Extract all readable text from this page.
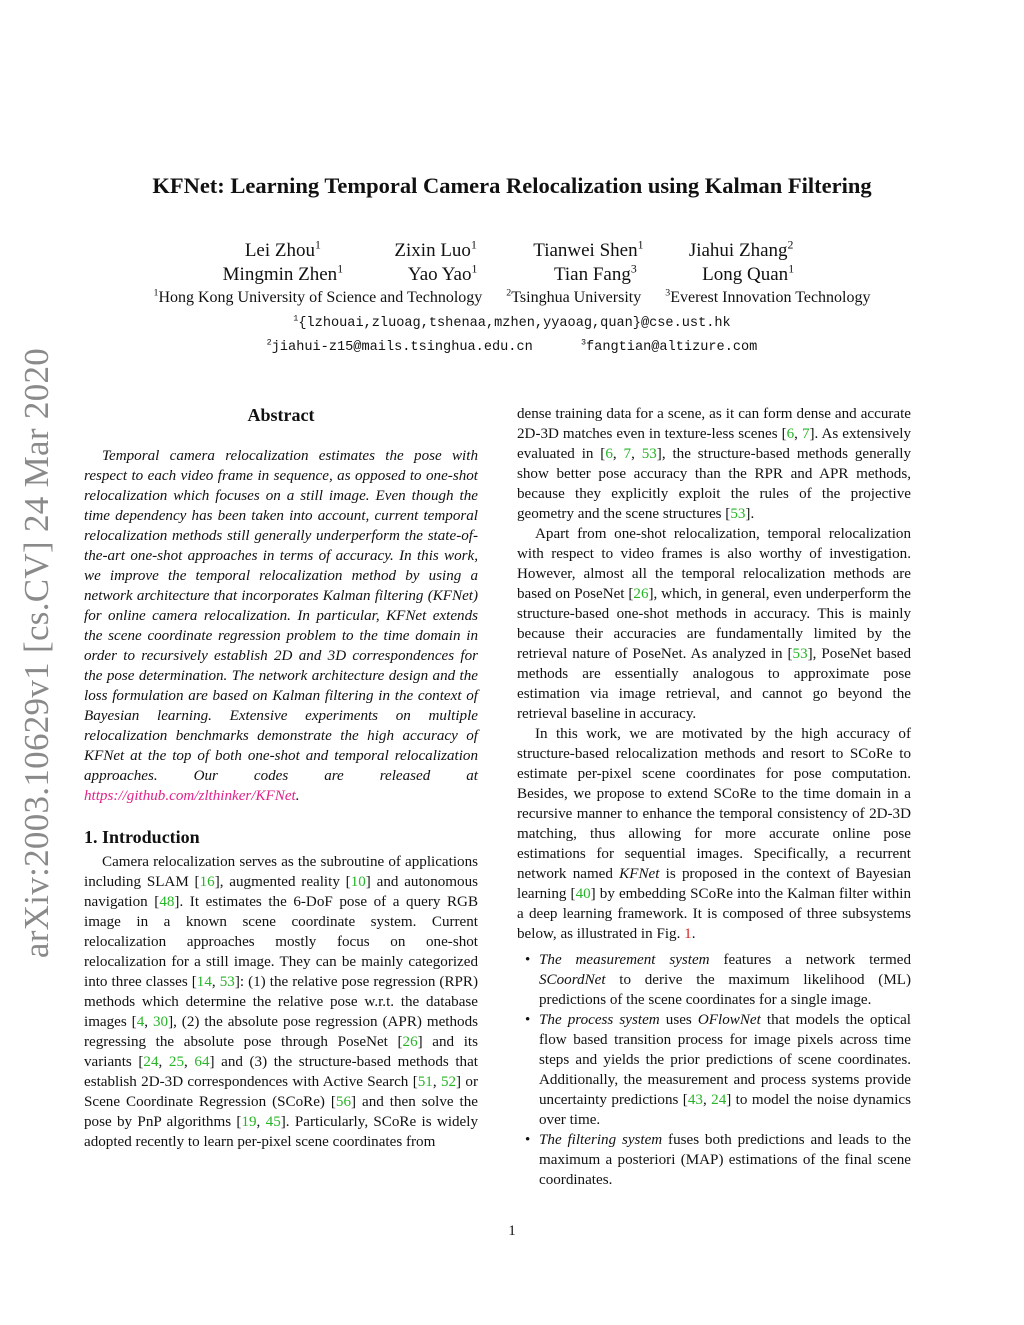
arXiv:2003.10629v1 [cs.CV] 24 Mar 2020
KFNet: Learning Temporal Camera Relocalization using Kalman Filtering
Lei Zhou$^1$	Zixin Luo$^1$	Tianwei Shen$^1$ Jiahui Zhang$^2$
Mingmin Zhen$^1$	Yao Yao$^1$	Tian Fang$^3$	Long Quan$^1$
$^1$Hong Kong University of Science and Technology $^2$Tsinghua University $^3$Everest Innovation Technology
$^1${lzhouai,zluoag,tshenaa,mzhen,yyaoag,quan}@cse.ust.hk
$^2$jiahui-z15@mails.tsinghua.edu.cn	$^3$fangtian@altizure.com
Abstract

Temporal camera relocalization estimates the pose with respect to each video frame in sequence, as opposed to one-shot relocalization which focuses on a still image. Even though the time dependency has been taken into account, current temporal relocalization methods still generally underperform the state-of-the-art one-shot approaches in terms of accuracy. In this work, we improve the temporal relocalization method by using a network architecture that incorporates Kalman filtering (KFNet) for online camera relocalization. In particular, KFNet extends the scene coordinate regression problem to the time domain in order to recursively establish 2D and 3D correspondences for the pose determination. The network architecture design and the loss formulation are based on Kalman filtering in the context of Bayesian learning. Extensive experiments on multiple relocalization benchmarks demonstrate the high accuracy of KFNet at the top of both one-shot and temporal relocalization approaches. Our codes are released at https://github.com/zlthinker/KFNet.

1. Introduction

Camera relocalization serves as the subroutine of applications including SLAM [16], augmented reality [10] and autonomous navigation [48]. It estimates the 6-DoF pose of a query RGB image in a known scene coordinate system. Current relocalization approaches mostly focus on one-shot relocalization for a still image. They can be mainly categorized into three classes [14, 53]: (1) the relative pose regression (RPR) methods which determine the relative pose w.r.t. the database images [4, 30], (2) the absolute pose regression (APR) methods regressing the absolute pose through PoseNet [26] and its variants [24, 25, 64] and (3) the structure-based methods that establish 2D-3D correspondences with Active Search [51, 52] or Scene Coordinate Regression (SCoRe) [56] and then solve the pose by PnP algorithms [19, 45]. Particularly, SCoRe is widely adopted recently to learn per-pixel scene coordinates from

dense training data for a scene, as it can form dense and accurate 2D-3D matches even in texture-less scenes [6, 7]. As extensively evaluated in [6, 7, 53], the structure-based methods generally show better pose accuracy than the RPR and APR methods, because they explicitly exploit the rules of the projective geometry and the scene structures [53].

Apart from one-shot relocalization, temporal relocalization with respect to video frames is also worthy of investigation. However, almost all the temporal relocalization methods are based on PoseNet [26], which, in general, even underperform the structure-based one-shot methods in accuracy. This is mainly because their accuracies are fundamentally limited by the retrieval nature of PoseNet. As analyzed in [53], PoseNet based methods are essentially analogous to approximate pose estimation via image retrieval, and cannot go beyond the retrieval baseline in accuracy.

In this work, we are motivated by the high accuracy of structure-based relocalization methods and resort to SCoRe to estimate per-pixel scene coordinates for pose computation. Besides, we propose to extend SCoRe to the time domain in a recursive manner to enhance the temporal consistency of 2D-3D matching, thus allowing for more accurate online pose estimations for sequential images. Specifically, a recurrent network named KFNet is proposed in the context of Bayesian learning [40] by embedding SCoRe into the Kalman filter within a deep learning framework. It is composed of three subsystems below, as illustrated in Fig. 1.

• The measurement system features a network termed SCoordNet to derive the maximum likelihood (ML) predictions of the scene coordinates for a single image.
• The process system uses OFlowNet that models the optical flow based transition process for image pixels across time steps and yields the prior predictions of scene coordinates. Additionally, the measurement and process systems provide uncertainty predictions [43, 24] to model the noise dynamics over time.
• The filtering system fuses both predictions and leads to the maximum a posteriori (MAP) estimations of the final scene coordinates.
1
